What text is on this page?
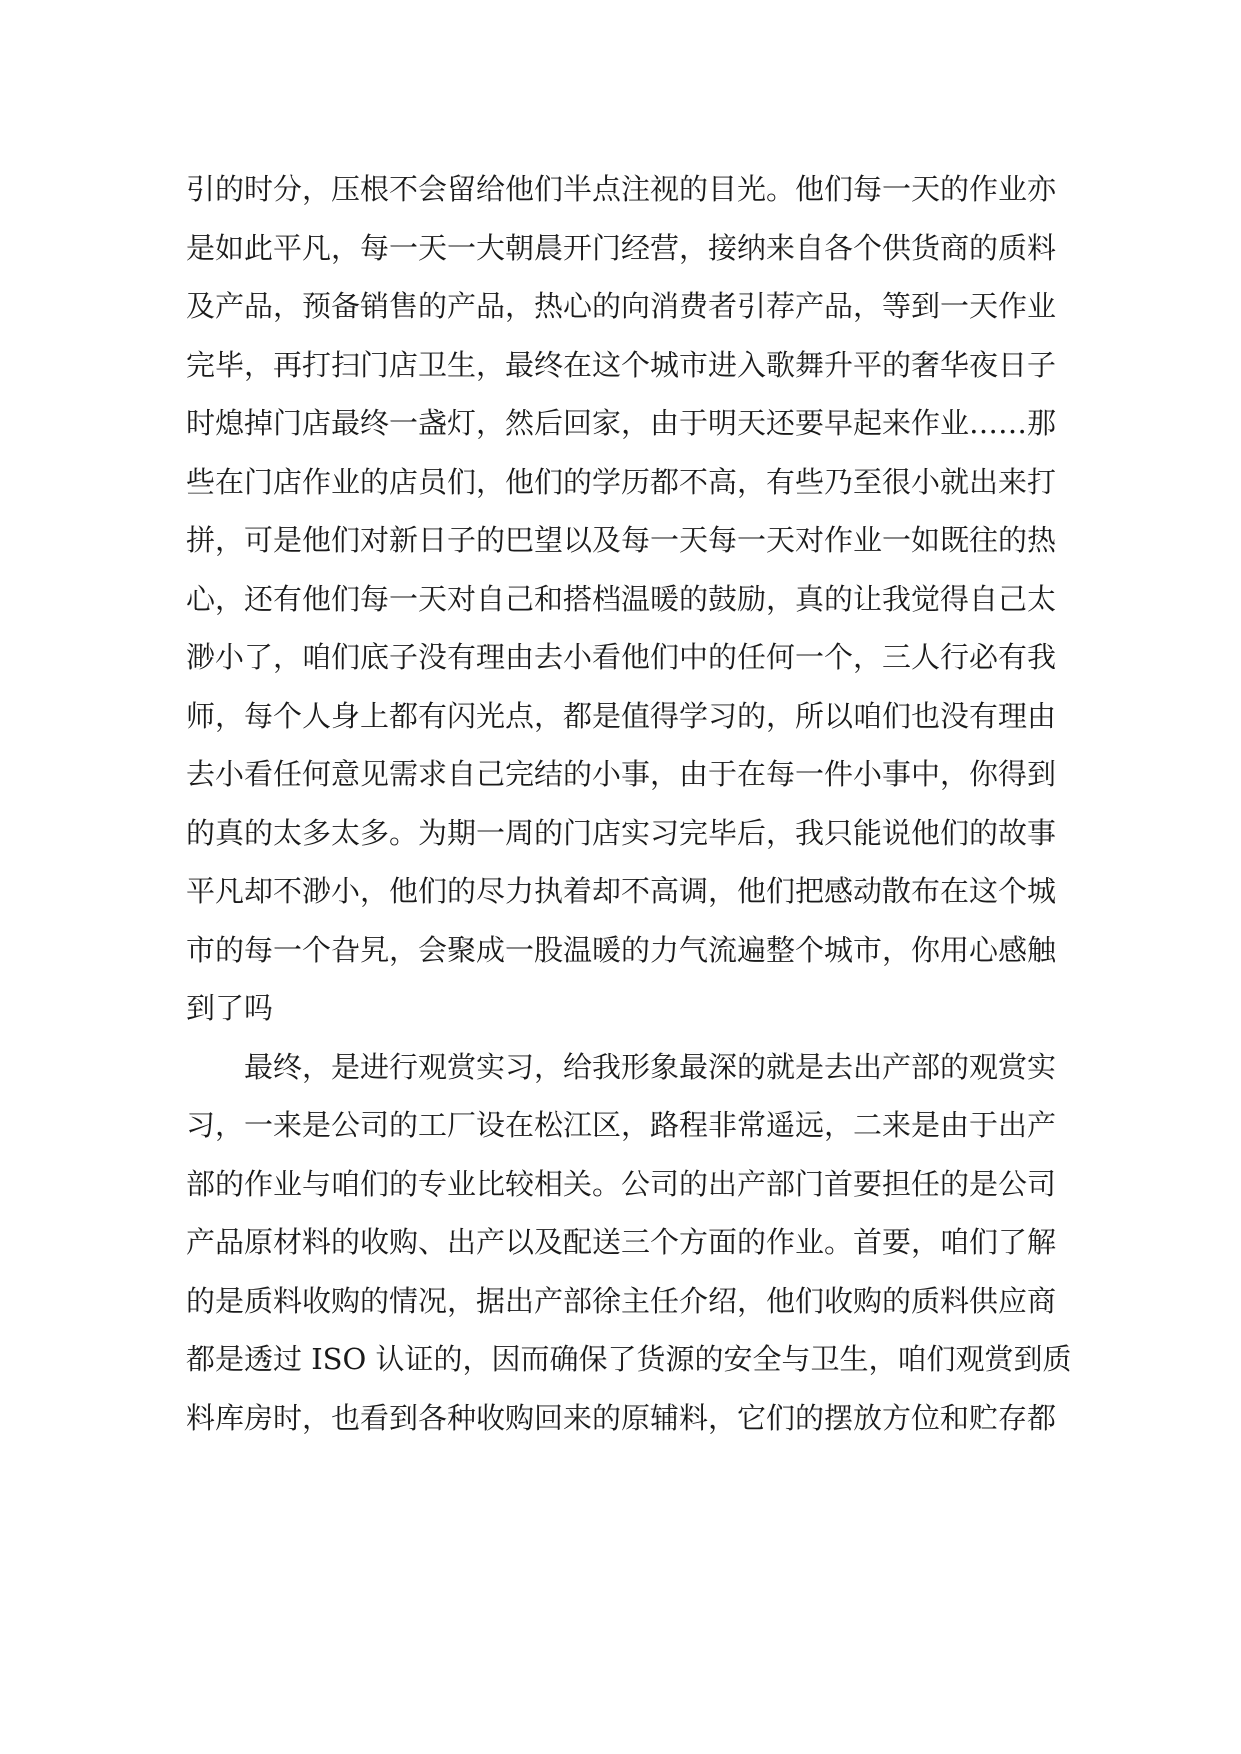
引的时分，压根不会留给他们半点注视的目光。他们每一天的作业亦
是如此平凡，每一天一大朝晨开门经营，接纳来自各个供货商的质料
及产品，预备销售的产品，热心的向消费者引荐产品，等到一天作业
完毕，再打扫门店卫生，最终在这个城市进入歌舞升平的奢华夜日子
时熄掉门店最终一盏灯，然后回家，由于明天还要早起来作业……那
些在门店作业的店员们，他们的学历都不高，有些乃至很小就出来打
拼，可是他们对新日子的巴望以及每一天每一天对作业一如既往的热
心，还有他们每一天对自己和搭档温暖的鼓励，真的让我觉得自己太
渺小了，咱们底子没有理由去小看他们中的任何一个，三人行必有我
师，每个人身上都有闪光点，都是值得学习的，所以咱们也没有理由
去小看任何意见需求自己完结的小事，由于在每一件小事中，你得到
的真的太多太多。为期一周的门店实习完毕后，我只能说他们的故事
平凡却不渺小，他们的尽力执着却不高调，他们把感动散布在这个城
市的每一个旮旯，会聚成一股温暖的力气流遍整个城市，你用心感触
到了吗
最终，是进行观赏实习，给我形象最深的就是去出产部的观赏实
习，一来是公司的工厂设在松江区，路程非常遥远，二来是由于出产
部的作业与咱们的专业比较相关。公司的出产部门首要担任的是公司
产品原材料的收购、出产以及配送三个方面的作业。首要，咱们了解
的是质料收购的情况，据出产部徐主任介绍，他们收购的质料供应商
都是透过 ISO 认证的，因而确保了货源的安全与卫生，咱们观赏到质
料库房时，也看到各种收购回来的原辅料，它们的摆放方位和贮存都
